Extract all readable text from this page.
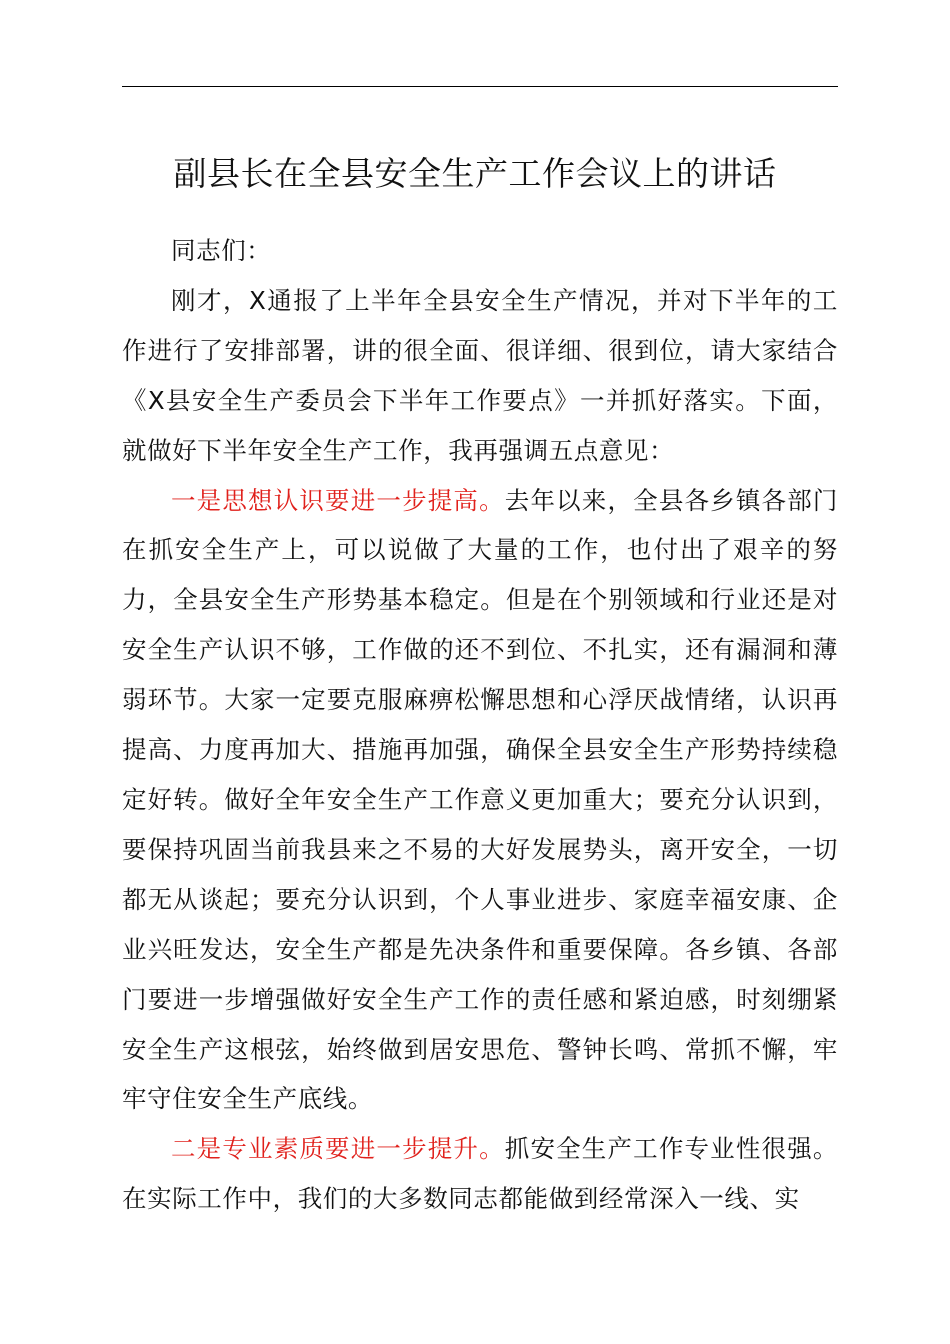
副县长在全县安全生产工作会议上的讲话

同志们：

刚才，X通报了上半年全县安全生产情况，并对下半年的工作进行了安排部署，讲的很全面、很详细、很到位，请大家结合《X县安全生产委员会下半年工作要点》一并抓好落实。下面，就做好下半年安全生产工作，我再强调五点意见：

一是思想认识要进一步提高。去年以来，全县各乡镇各部门在抓安全生产上，可以说做了大量的工作，也付出了艰辛的努力，全县安全生产形势基本稳定。但是在个别领域和行业还是对安全生产认识不够，工作做的还不到位、不扎实，还有漏洞和薄弱环节。大家一定要克服麻痹松懈思想和心浮厌战情绪，认识再提高、力度再加大、措施再加强，确保全县安全生产形势持续稳定好转。做好全年安全生产工作意义更加重大；要充分认识到，要保持巩固当前我县来之不易的大好发展势头，离开安全，一切都无从谈起；要充分认识到，个人事业进步、家庭幸福安康、企业兴旺发达，安全生产都是先决条件和重要保障。各乡镇、各部门要进一步增强做好安全生产工作的责任感和紧迫感，时刻绷紧安全生产这根弦，始终做到居安思危、警钟长鸣、常抓不懈，牢牢守住安全生产底线。

二是专业素质要进一步提升。抓安全生产工作专业性很强。在实际工作中，我们的大多数同志都能做到经常深入一线、实
